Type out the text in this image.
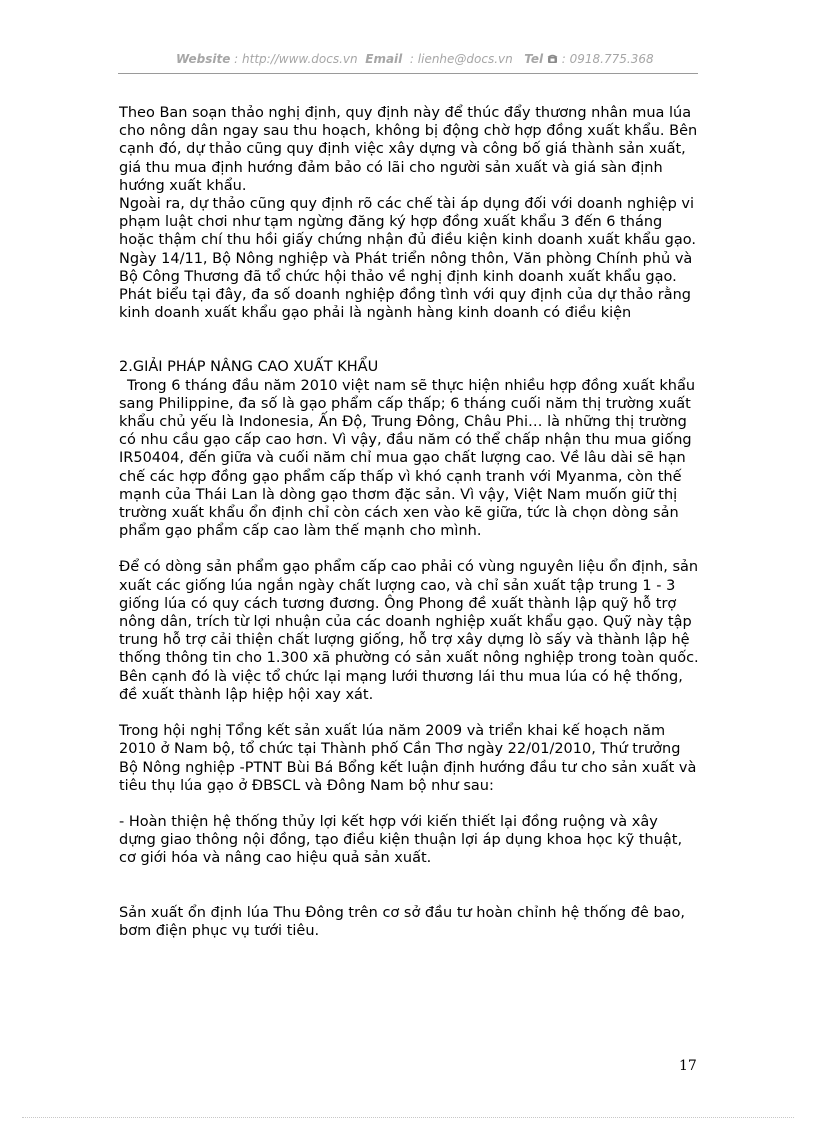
Website : http://www.docs.vn Email : lienhe@docs.vn Tel : 0918.775.368

Theo Ban soạn thảo nghị định, quy định này để thúc đẩy thương nhân mua lúa cho nông dân ngay sau thu hoạch, không bị động chờ hợp đồng xuất khẩu. Bên cạnh đó, dự thảo cũng quy định việc xây dựng và công bố giá thành sản xuất, giá thu mua định hướng đảm bảo có lãi cho người sản xuất và giá sàn định hướng xuất khẩu.

Ngoài ra, dự thảo cũng quy định rõ các chế tài áp dụng đối với doanh nghiệp vi phạm luật chơi như tạm ngừng đăng ký hợp đồng xuất khẩu 3 đến 6 tháng hoặc thậm chí thu hồi giấy chứng nhận đủ điều kiện kinh doanh xuất khẩu gạo.

Ngày 14/11, Bộ Nông nghiệp và Phát triển nông thôn, Văn phòng Chính phủ và Bộ Công Thương đã tổ chức hội thảo về nghị định kinh doanh xuất khẩu gạo. Phát biểu tại đây, đa số doanh nghiệp đồng tình với quy định của dự thảo rằng kinh doanh xuất khẩu gạo phải là ngành hàng kinh doanh có điều kiện

2.GIẢI PHÁP NÂNG CAO XUẤT KHẨU

Trong 6 tháng đầu năm 2010 việt nam sẽ thực hiện nhiều hợp đồng xuất khẩu sang Philippine, đa số là gạo phẩm cấp thấp; 6 tháng cuối năm thị trường xuất khẩu chủ yếu là Indonesia, Ấn Độ, Trung Đông, Châu Phi… là những thị trường có nhu cầu gạo cấp cao hơn. Vì vậy, đầu năm có thể chấp nhận thu mua giống IR50404, đến giữa và cuối năm chỉ mua gạo chất lượng cao. Về lâu dài sẽ hạn chế các hợp đồng gạo phẩm cấp thấp vì khó cạnh tranh với Myanma, còn thế mạnh của Thái Lan là dòng gạo thơm đặc sản. Vì vậy, Việt Nam muốn giữ thị trường xuất khẩu ổn định chỉ còn cách xen vào kẽ giữa, tức là chọn dòng sản phẩm gạo phẩm cấp cao làm thế mạnh cho mình.

Để có dòng sản phẩm gạo phẩm cấp cao phải có vùng nguyên liệu ổn định, sản xuất các giống lúa ngắn ngày chất lượng cao, và chỉ sản xuất tập trung 1 - 3 giống lúa có quy cách tương đương. Ông Phong đề xuất thành lập quỹ hỗ trợ nông dân, trích từ lợi nhuận của các doanh nghiệp xuất khẩu gạo. Quỹ này tập trung hỗ trợ cải thiện chất lượng giống, hỗ trợ xây dựng lò sấy và thành lập hệ thống thông tin cho 1.300 xã phường có sản xuất nông nghiệp trong toàn quốc. Bên cạnh đó là việc tổ chức lại mạng lưới thương lái thu mua lúa có hệ thống, đề xuất thành lập hiệp hội xay xát.

Trong hội nghị Tổng kết sản xuất lúa năm 2009 và triển khai kế hoạch năm 2010 ở Nam bộ, tổ chức tại Thành phố Cần Thơ ngày 22/01/2010, Thứ trưởng Bộ Nông nghiệp -PTNT Bùi Bá Bổng kết luận định hướng đầu tư cho sản xuất và tiêu thụ lúa gạo ở ĐBSCL và Đông Nam bộ như sau:

- Hoàn thiện hệ thống thủy lợi kết hợp với kiến thiết lại đồng ruộng và xây dựng giao thông nội đồng, tạo điều kiện thuận lợi áp dụng khoa học kỹ thuật, cơ giới hóa và nâng cao hiệu quả sản xuất.

Sản xuất ổn định lúa Thu Đông trên cơ sở đầu tư hoàn chỉnh hệ thống đê bao, bơm điện phục vụ tưới tiêu.

17
